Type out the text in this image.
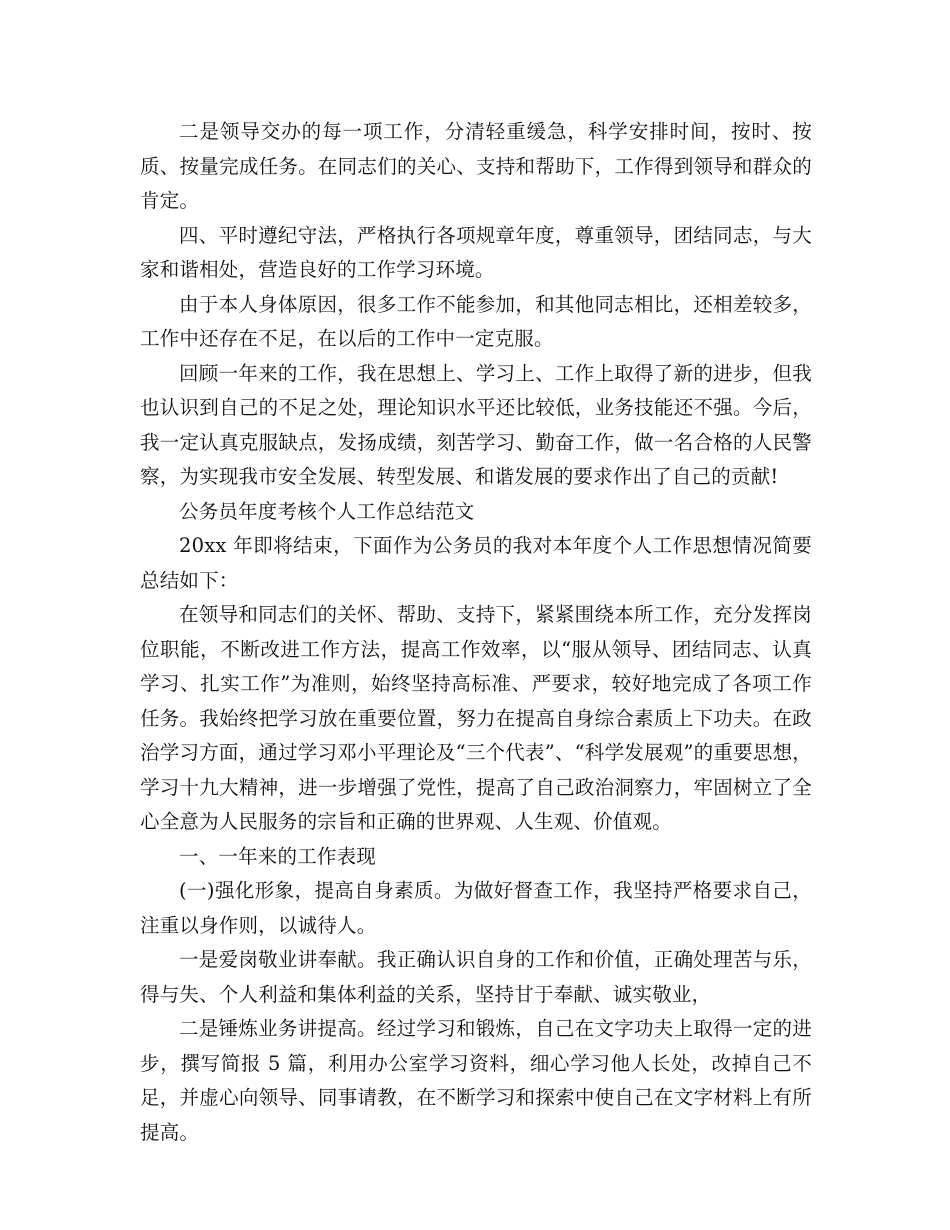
二是领导交办的每一项工作，分清轻重缓急，科学安排时间，按时、按质、按量完成任务。在同志们的关心、支持和帮助下，工作得到领导和群众的肯定。

四、平时遵纪守法，严格执行各项规章年度，尊重领导，团结同志，与大家和谐相处，营造良好的工作学习环境。

由于本人身体原因，很多工作不能参加，和其他同志相比，还相差较多，工作中还存在不足，在以后的工作中一定克服。

回顾一年来的工作，我在思想上、学习上、工作上取得了新的进步，但我也认识到自己的不足之处，理论知识水平还比较低，业务技能还不强。今后，我一定认真克服缺点，发扬成绩，刻苦学习、勤奋工作，做一名合格的人民警察，为实现我市安全发展、转型发展、和谐发展的要求作出了自己的贡献!

公务员年度考核个人工作总结范文

20xx 年即将结束，下面作为公务员的我对本年度个人工作思想情况简要总结如下：

在领导和同志们的关怀、帮助、支持下，紧紧围绕本所工作，充分发挥岗位职能，不断改进工作方法，提高工作效率，以“服从领导、团结同志、认真学习、扎实工作”为准则，始终坚持高标准、严要求，较好地完成了各项工作任务。我始终把学习放在重要位置，努力在提高自身综合素质上下功夫。在政治学习方面，通过学习邓小平理论及“三个代表”、“科学发展观”的重要思想，学习十九大精神，进一步增强了党性，提高了自己政治洞察力，牢固树立了全心全意为人民服务的宗旨和正确的世界观、人生观、价值观。

一、一年来的工作表现

(一)强化形象，提高自身素质。为做好督查工作，我坚持严格要求自己，注重以身作则，以诚待人。

一是爱岗敬业讲奉献。我正确认识自身的工作和价值，正确处理苦与乐，得与失、个人利益和集体利益的关系，坚持甘于奉献、诚实敬业，

二是锤炼业务讲提高。经过学习和锻炼，自己在文字功夫上取得一定的进步，撰写简报 5 篇，利用办公室学习资料，细心学习他人长处，改掉自己不足，并虚心向领导、同事请教，在不断学习和探索中使自己在文字材料上有所提高。
